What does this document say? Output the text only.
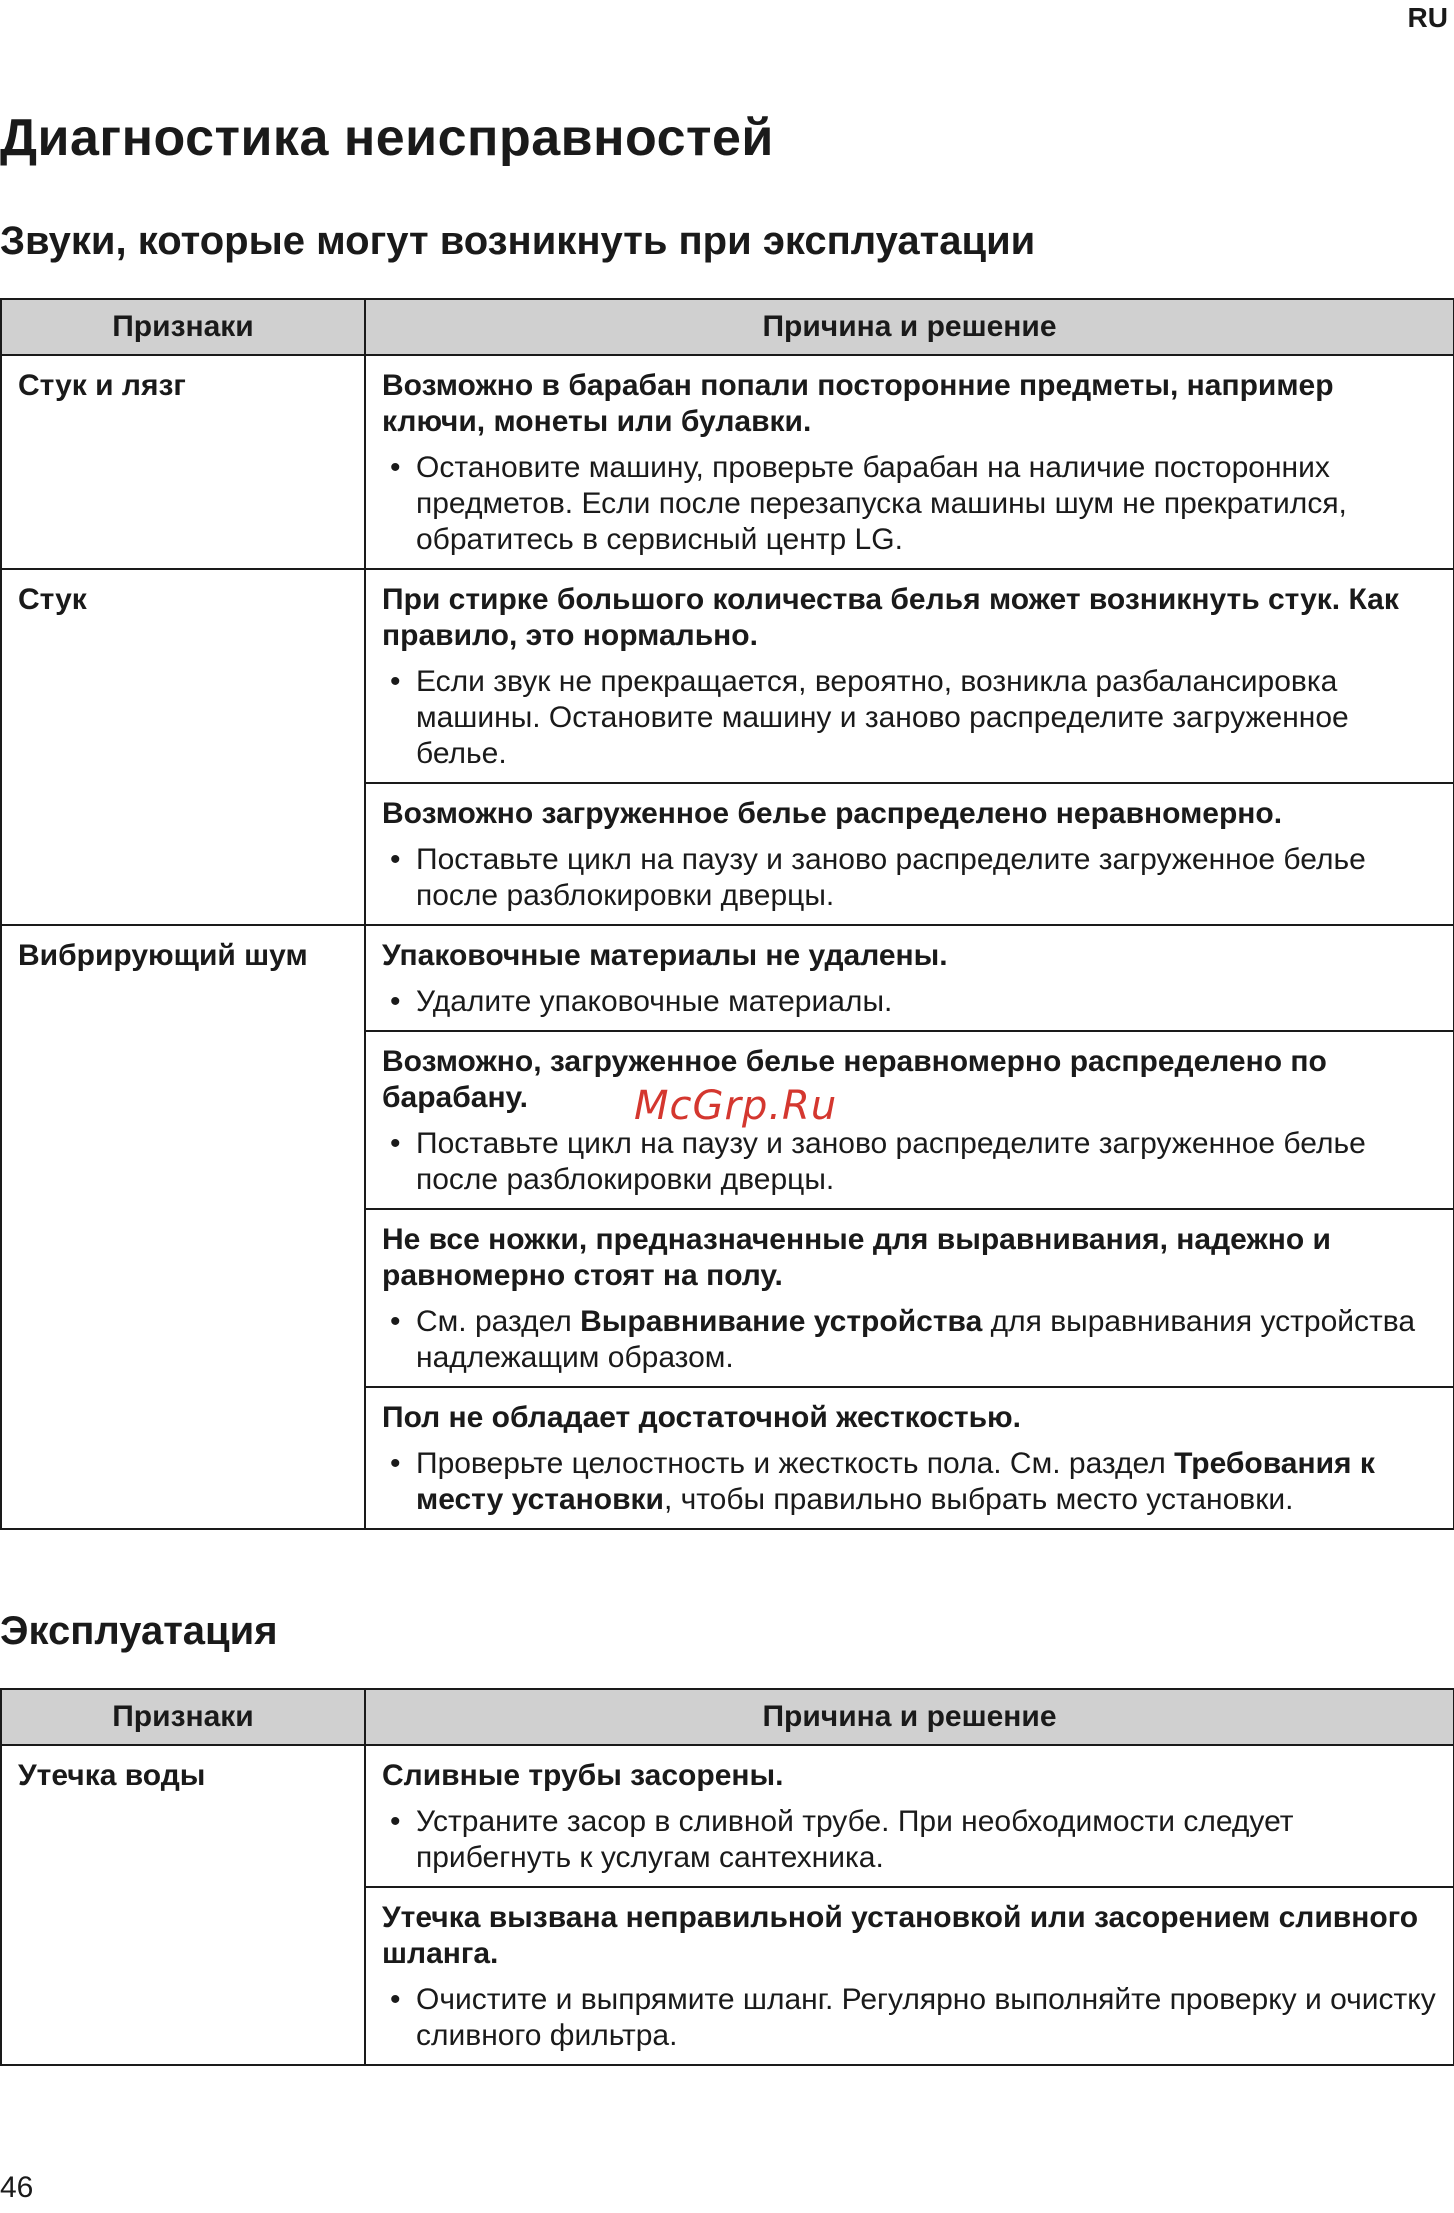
RU
Диагностика неисправностей
Звуки, которые могут возникнуть при эксплуатации
Признаки	Причина и решение
Стук и лязг	Возможно в барабан попали посторонние предметы, например ключи, монеты или булавки.
• Остановите машину, проверьте барабан на наличие посторонних предметов. Если после перезапуска машины шум не прекратился, обратитесь в сервисный центр LG.

Стук	При стирке большого количества белья может возникнуть стук. Как правило, это нормально.
• Если звук не прекращается, вероятно, возникла разбалансировка машины. Остановите машину и заново распределите загруженное белье.

	Возможно загруженное белье распределено неравномерно.
• Поставьте цикл на паузу и заново распределите загруженное белье после разблокировки дверцы.

Вибрирующий шум	Упаковочные материалы не удалены.
• Удалите упаковочные материалы.

	Возможно, загруженное белье неравномерно распределено по барабану.
• Поставьте цикл на паузу и заново распределите загруженное белье после разблокировки дверцы.

	Не все ножки, предназначенные для выравнивания, надежно и равномерно стоят на полу.
• См. раздел Выравнивание устройства для выравнивания устройства надлежащим образом.

	Пол не обладает достаточной жесткостью.
• Проверьте целостность и жесткость пола. См. раздел Требования к месту установки, чтобы правильно выбрать место установки.
McGrp.Ru
Эксплуатация
Признаки	Причина и решение
Утечка воды	Сливные трубы засорены.
• Устраните засор в сливной трубе. При необходимости следует прибегнуть к услугам сантехника.

	Утечка вызвана неправильной установкой или засорением сливного шланга.
• Очистите и выпрямите шланг. Регулярно выполняйте проверку и очистку сливного фильтра.
46
